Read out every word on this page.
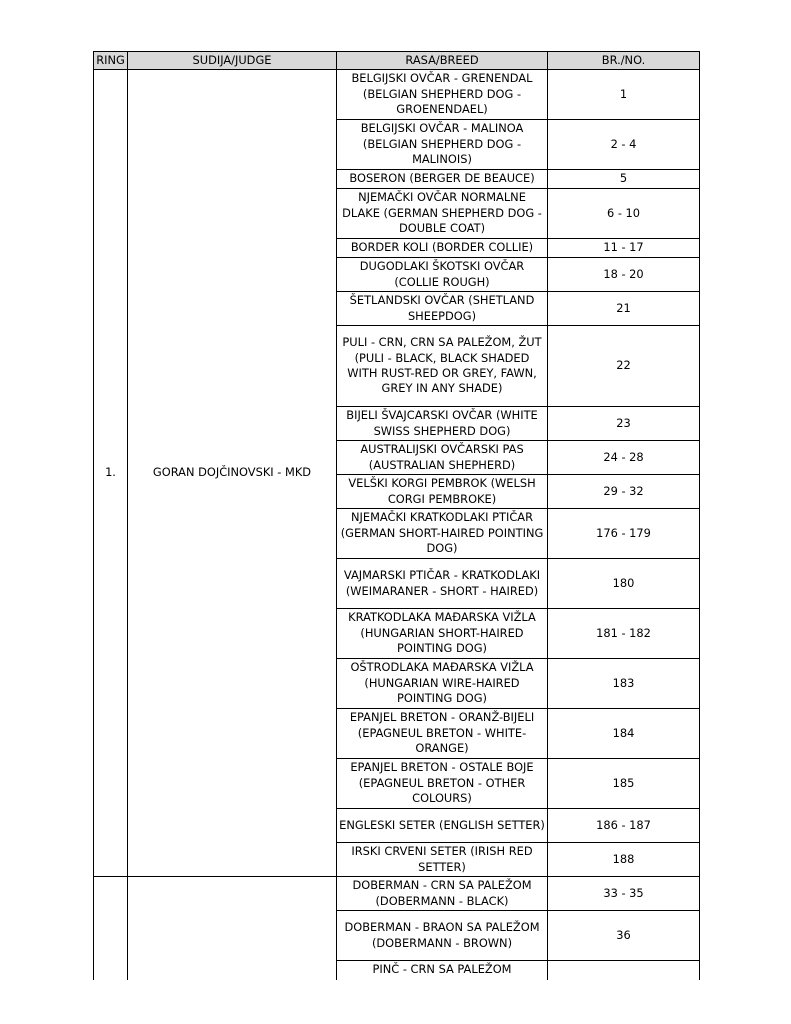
RING	SUDIJA/JUDGE	RASA/BREED	BR./NO.
1.	GORAN DOJČINOVSKI - MKD	BELGIJSKI OVČAR - GRENENDAL (BELGIAN SHEPHERD DOG - GROENENDAEL)	1
		BELGIJSKI OVČAR - MALINOA (BELGIAN SHEPHERD DOG - MALINOIS)	2 - 4
		BOSERON (BERGER DE BEAUCE)	5
		NJEMAČKI OVČAR NORMALNE DLAKE (GERMAN SHEPHERD DOG - DOUBLE COAT)	6 - 10
		BORDER KOLI (BORDER COLLIE)	11 - 17
		DUGODLAKI ŠKOTSKI OVČAR (COLLIE ROUGH)	18 - 20
		ŠETLANDSKI OVČAR (SHETLAND SHEEPDOG)	21
		PULI - CRN, CRN SA PALEŽOM, ŽUT (PULI - BLACK, BLACK SHADED WITH RUST-RED OR GREY, FAWN, GREY IN ANY SHADE)	22
		BIJELI ŠVAJCARSKI OVČAR (WHITE SWISS SHEPHERD DOG)	23
		AUSTRALIJSKI OVČARSKI PAS (AUSTRALIAN SHEPHERD)	24 - 28
		VELŠKI KORGI PEMBROK (WELSH CORGI PEMBROKE)	29 - 32
		NJEMAČKI KRATKODLAKI PTIČAR (GERMAN SHORT-HAIRED POINTING DOG)	176 - 179
		VAJMARSKI PTIČAR - KRATKODLAKI (WEIMARANER - SHORT - HAIRED)	180
		KRATKODLAKA MAĐARSKA VIŽLA (HUNGARIAN SHORT-HAIRED POINTING DOG)	181 - 182
		OŠTRODLAKA MAĐARSKA VIŽLA (HUNGARIAN WIRE-HAIRED POINTING DOG)	183
		EPANJEL BRETON - ORANŽ-BIJELI (EPAGNEUL BRETON - WHITE-ORANGE)	184
		EPANJEL BRETON - OSTALE BOJE (EPAGNEUL BRETON - OTHER COLOURS)	185
		ENGLESKI SETER (ENGLISH SETTER)	186 - 187
		IRSKI CRVENI SETER (IRISH RED SETTER)	188
		DOBERMAN - CRN SA PALEŽOM (DOBERMANN - BLACK)	33 - 35
		DOBERMAN - BRAON SA PALEŽOM (DOBERMANN - BROWN)	36
		PINČ - CRN SA PALEŽOM	
